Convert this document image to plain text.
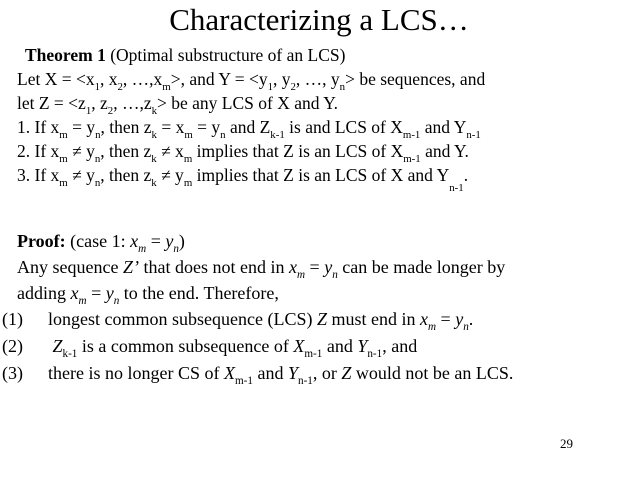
Characterizing a LCS…
Theorem 1 (Optimal substructure of an LCS)
Let $X = <x_1$, $x_2$, $\dots,x_m>$, and $Y = <y_1$, $y_2$, …, $y_n>$ be sequences, and
let $Z = <z_1$, $z_2$, $\dots,z_k>$ be any LCS of X and Y.
1. If $x_m = y_n$, then $z_k = x_m = y_n$ and $Z_{k-1}$ is and LCS of $X_{m-1}$ and $Y_{n-1}$
2. If $x_m \ne y_n$, then $z_k \ne x_m$ implies that Z is an LCS of $X_{m-1}$ and Y.
3. If $x_m \ne y_n$, then $z_k \ne y_m$ implies that Z is an LCS of X and $Y_{n-1}$.
Proof: (case 1: $x_m = y_n$)
Any sequence Z’ that does not end in $x_m = y_n$ can be made longer by
adding $x_m = y_n$ to the end. Therefore,
(1) longest common subsequence (LCS) Z must end in $x_m = y_n$.
(2) $Z_{k-1}$ is a common subsequence of $X_{m-1}$ and $Y_{n-1}$, and
(3) there is no longer CS of $X_{m-1}$ and $Y_{n-1}$, or Z would not be an LCS.
29
